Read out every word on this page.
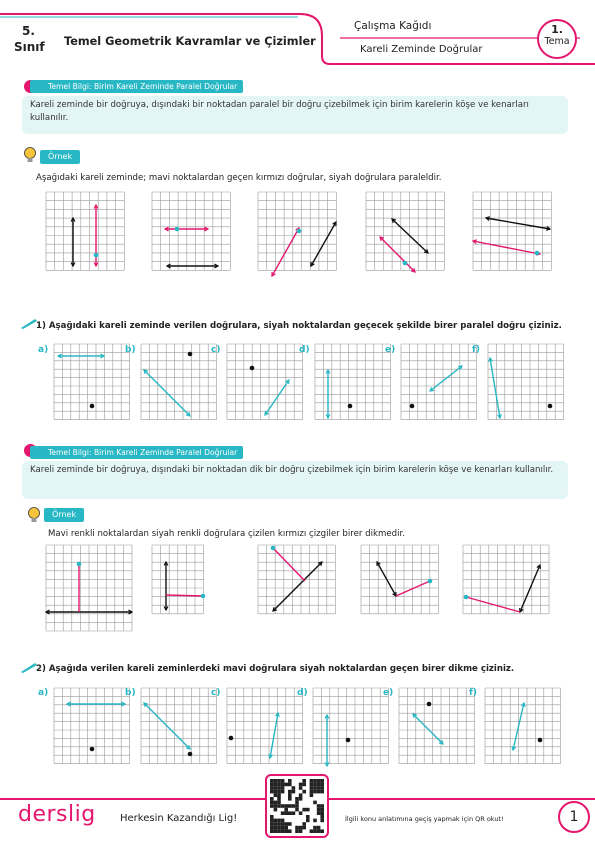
5.
Sınıf Temel Geometrik Kavramlar ve Çizimler
Çalışma Kağıdı
Kareli Zeminde Doğrular
1.
Tema
Temel Bilgi: Birim Kareli Zeminde Paralel Doğrular
Kareli zeminde bir doğruya, dışındaki bir noktadan paralel bir doğru çizebilmek için birim karelerin köşe ve kenarları kullanılır.
Örnek
Aşağıdaki kareli zeminde; mavi noktalardan geçen kırmızı doğrular, siyah doğrulara paraleldir.
1) Aşağıdaki kareli zeminde verilen doğrulara, siyah noktalardan geçecek şekilde birer paralel doğru çiziniz.
Temel Bilgi: Birim Kareli Zeminde Paralel Doğrular
Kareli zeminde bir doğruya, dışındaki bir noktadan dik bir doğru çizebilmek için birim karelerin köşe ve kenarları kullanılır.
Örnek
Mavi renkli noktalardan siyah renkli doğrulara çizilen kırmızı çizgiler birer dikmedir.
2) Aşağıda verilen kareli zeminlerdeki mavi doğrulara siyah noktalardan geçen birer dikme çiziniz.
a)	b)	c)	d)	e)	f)
a)	b)	c)	d)	e)	f)
derslig Herkesin Kazandığı Lig!	İlgili konu anlatımına geçiş yapmak için QR okut!	1
